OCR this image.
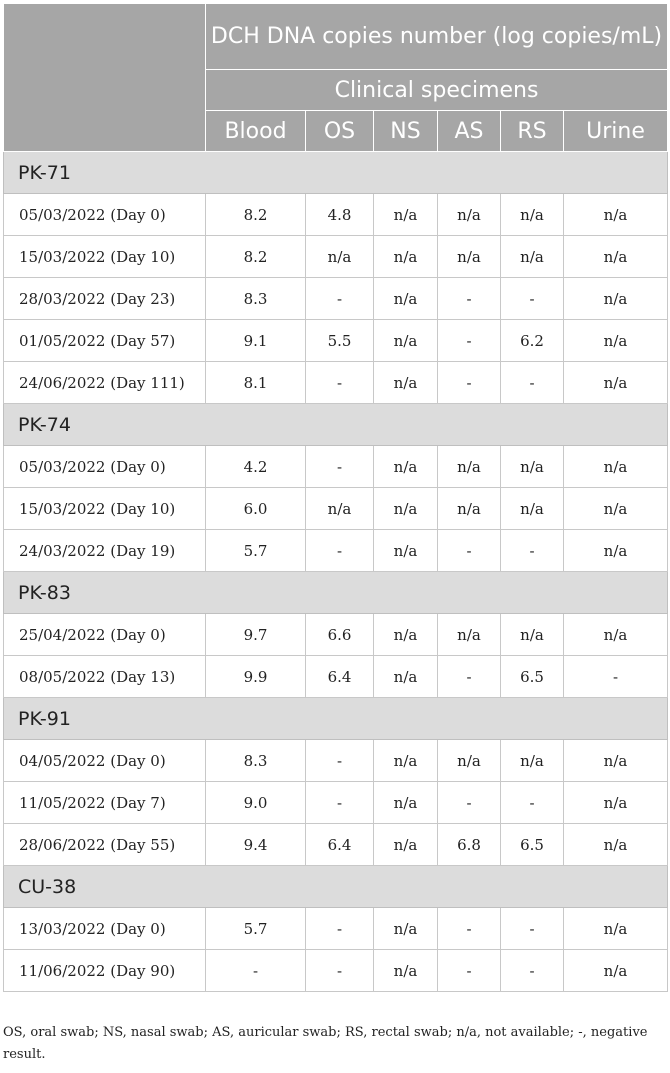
	DCH DNA copies number (log copies/mL)					
	Clinical specimens					
	Blood	OS	NS	AS	RS	Urine
PK-71						
05/03/2022 (Day 0)	8.2	4.8	n/a	n/a	n/a	n/a
15/03/2022 (Day 10)	8.2	n/a	n/a	n/a	n/a	n/a
28/03/2022 (Day 23)	8.3	-	n/a	-	-	n/a
01/05/2022 (Day 57)	9.1	5.5	n/a	-	6.2	n/a
24/06/2022 (Day 111)	8.1	-	n/a	-	-	n/a
PK-74						
05/03/2022 (Day 0)	4.2	-	n/a	n/a	n/a	n/a
15/03/2022 (Day 10)	6.0	n/a	n/a	n/a	n/a	n/a
24/03/2022 (Day 19)	5.7	-	n/a	-	-	n/a
PK-83						
25/04/2022 (Day 0)	9.7	6.6	n/a	n/a	n/a	n/a
08/05/2022 (Day 13)	9.9	6.4	n/a	-	6.5	-
PK-91						
04/05/2022 (Day 0)	8.3	-	n/a	n/a	n/a	n/a
11/05/2022 (Day 7)	9.0	-	n/a	-	-	n/a
28/06/2022 (Day 55)	9.4	6.4	n/a	6.8	6.5	n/a
CU-38						
13/03/2022 (Day 0)	5.7	-	n/a	-	-	n/a
11/06/2022 (Day 90)	-	-	n/a	-	-	n/a
OS, oral swab; NS, nasal swab; AS, auricular swab; RS, rectal swab; n/a, not available; -, negative result.
